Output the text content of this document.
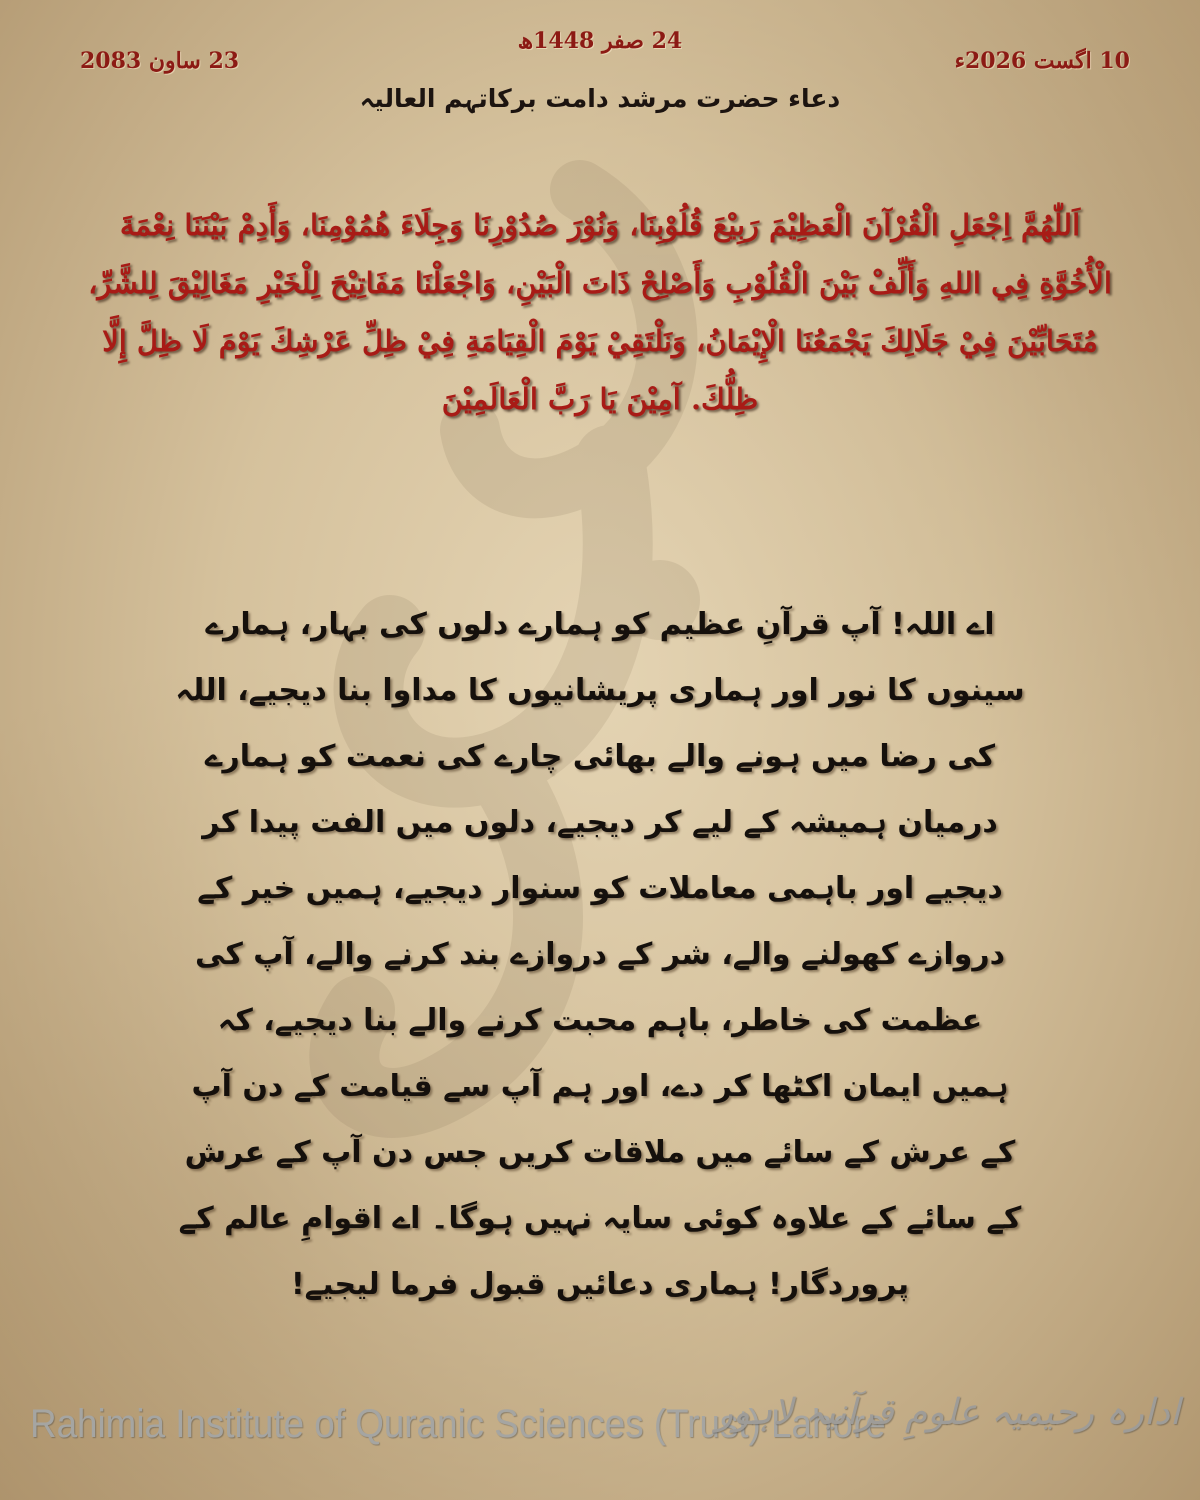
24 صفر 1448ھ
10 اگست 2026ء
23 ساون 2083
دعاء حضرت مرشد دامت برکاتہم العالیہ
اَللّٰهُمَّ اِجْعَلِ الْقُرْآنَ الْعَظِيْمَ رَبِيْعَ قُلُوْبِنَا، وَنُوْرَ صُدُوْرِنَا وَجِلَاءَ هُمُوْمِنَا، وَأَدِمْ بَيْنَنَا نِعْمَةَ الْأُخُوَّةِ فِي اللهِ وَأَلِّفْ بَيْنَ الْقُلُوْبِ وَأَصْلِحْ ذَاتَ الْبَيْنِ، وَاجْعَلْنَا مَفَاتِيْحَ لِلْخَيْرِ مَغَالِيْقَ لِلشَّرِّ، مُتَحَابِّيْنَ فِيْ جَلَالِكَ يَجْمَعُنَا الْإِيْمَانُ، وَنَلْتَقِيْ يَوْمَ الْقِيَامَةِ فِيْ ظِلِّ عَرْشِكَ يَوْمَ لَا ظِلَّ إِلَّا ظِلُّكَ. آمِيْنَ يَا رَبَّ الْعَالَمِيْنَ
اے اللہ! آپ قرآنِ عظیم کو ہمارے دلوں کی بہار، ہمارے سینوں کا نور اور ہماری پریشانیوں کا مداوا بنا دیجیے، اللہ کی رضا میں ہونے والے بھائی چارے کی نعمت کو ہمارے درمیان ہمیشہ کے لیے کر دیجیے، دلوں میں الفت پیدا کر دیجیے اور باہمی معاملات کو سنوار دیجیے، ہمیں خیر کے دروازے کھولنے والے، شر کے دروازے بند کرنے والے، آپ کی عظمت کی خاطر، باہم محبت کرنے والے بنا دیجیے، کہ ہمیں ایمان اکٹھا کر دے، اور ہم آپ سے قیامت کے دن آپ کے عرش کے سائے میں ملاقات کریں جس دن آپ کے عرش کے سائے کے علاوہ کوئی سایہ نہیں ہوگا۔ اے اقوامِ عالم کے پروردگار! ہماری دعائیں قبول فرما لیجیے!
Rahimia Institute of Quranic Sciences (Trust) Lahore
ادارہ رحیمیہ علومِ قرآنیہ لاہور
